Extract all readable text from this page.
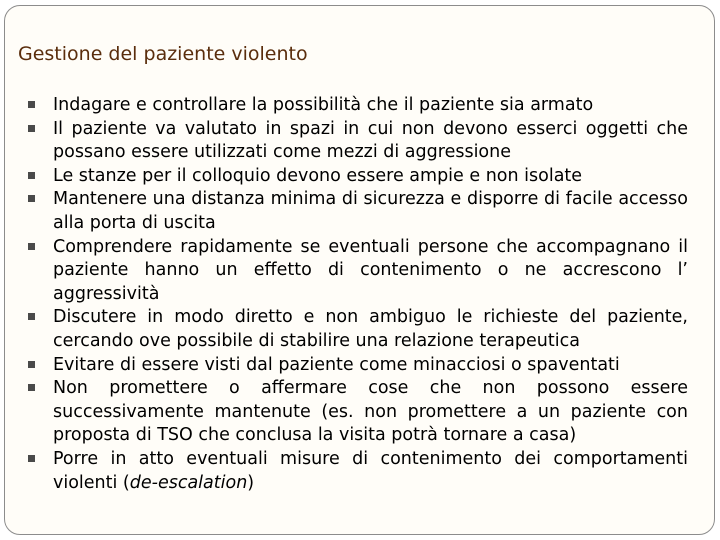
Gestione del paziente violento
Indagare e controllare la possibilità che il paziente sia armato
Il paziente va valutato in spazi in cui non devono esserci oggetti che possano essere utilizzati come mezzi di aggressione
Le stanze per il colloquio devono essere ampie e non isolate
Mantenere una distanza minima di sicurezza e disporre di facile accesso alla porta di uscita
Comprendere rapidamente se eventuali persone che accompagnano il paziente hanno un effetto di contenimento o ne accrescono l’ aggressività
Discutere in modo diretto e non ambiguo le richieste del paziente, cercando ove possibile di stabilire una relazione terapeutica
Evitare di essere visti dal paziente come minacciosi o spaventati
Non promettere o affermare cose che non possono essere successivamente mantenute (es. non promettere a un paziente con proposta di TSO che conclusa la visita potrà tornare a casa)
Porre in atto eventuali misure di contenimento dei comportamenti violenti (de-escalation)
